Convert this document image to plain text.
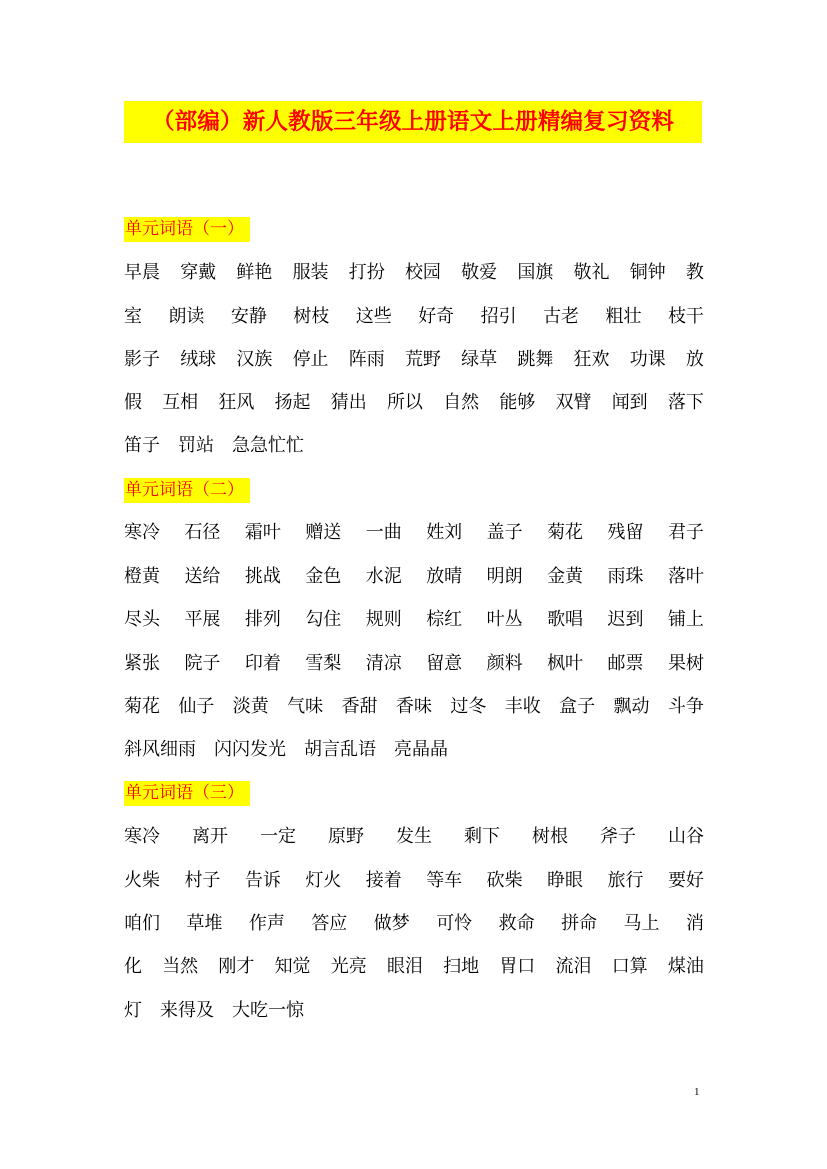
（部编）新人教版三年级上册语文上册精编复习资料
单元词语（一）
早晨 穿戴 鲜艳 服装 打扮 校园 敬爱 国旗 敬礼 铜钟 教
室 朗读 安静 树枝 这些 好奇 招引 古老 粗壮 枝干
影子 绒球 汉族 停止 阵雨 荒野 绿草 跳舞 狂欢 功课 放
假 互相 狂风 扬起 猜出 所以 自然 能够 双臂 闻到 落下
笛子 罚站 急急忙忙
单元词语（二）
寒冷 石径 霜叶 赠送 一曲 姓刘 盖子 菊花 残留 君子
橙黄 送给 挑战 金色 水泥 放晴 明朗 金黄 雨珠 落叶
尽头 平展 排列 勾住 规则 棕红 叶丛 歌唱 迟到 铺上
紧张 院子 印着 雪梨 清凉 留意 颜料 枫叶 邮票 果树
菊花 仙子 淡黄 气味 香甜 香味 过冬 丰收 盒子 飘动 斗争
斜风细雨 闪闪发光 胡言乱语 亮晶晶
单元词语（三）
寒冷 离开 一定 原野 发生 剩下 树根 斧子 山谷
火柴 村子 告诉 灯火 接着 等车 砍柴 睁眼 旅行 要好
咱们 草堆 作声 答应 做梦 可怜 救命 拼命 马上 消
化 当然 刚才 知觉 光亮 眼泪 扫地 胃口 流泪 口算 煤油
灯 来得及 大吃一惊
1
